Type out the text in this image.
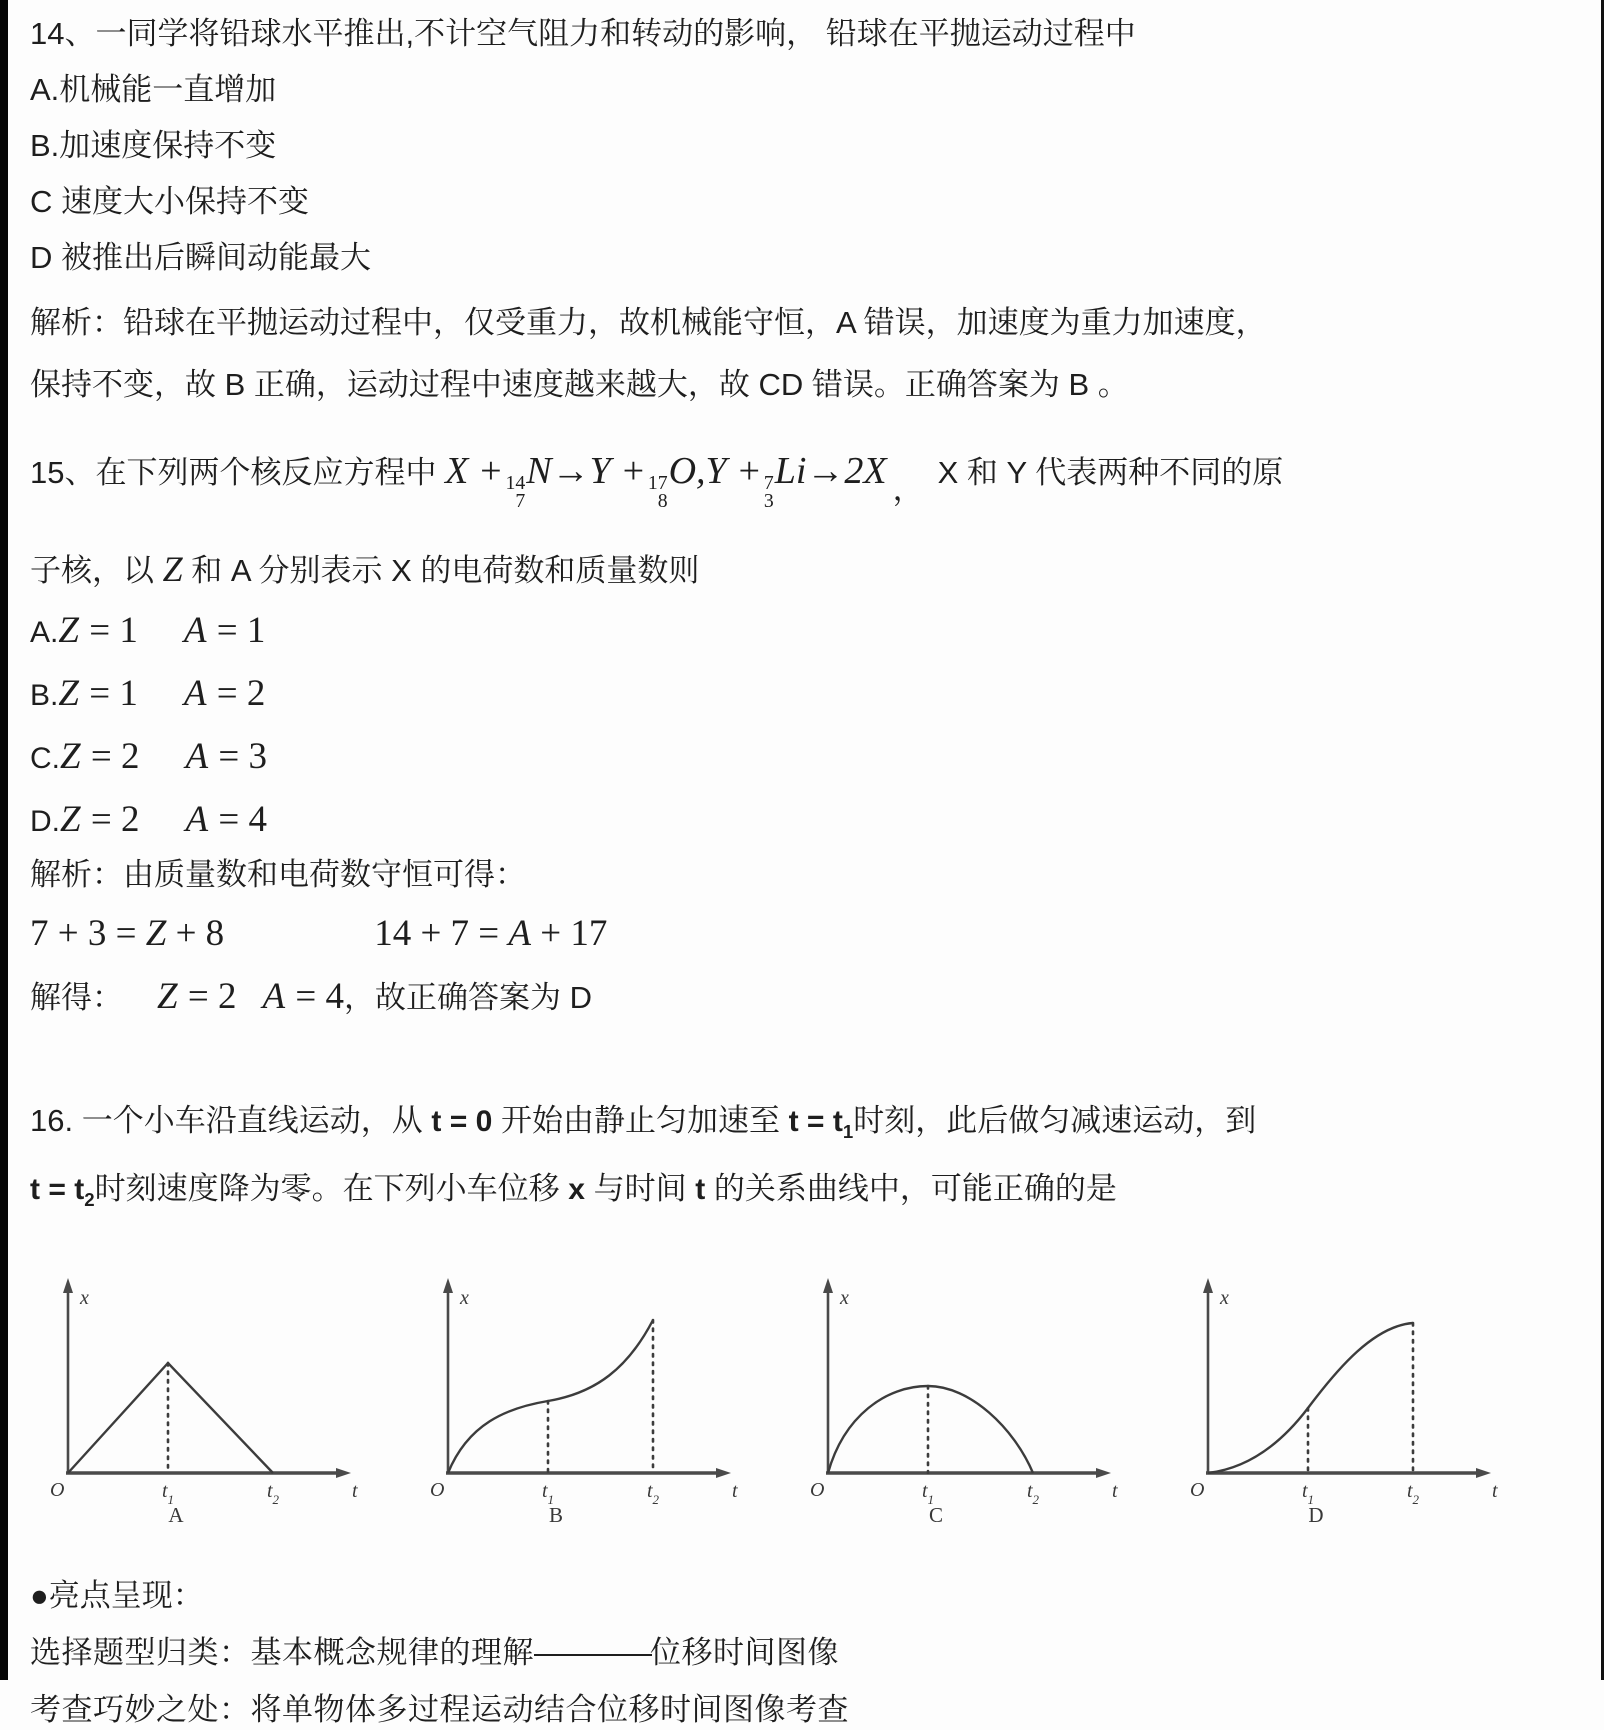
14、一同学将铅球水平推出,不计空气阻力和转动的影响， 铅球在平抛运动过程中

A.机械能一直增加

B.加速度保持不变

C 速度大小保持不变

D 被推出后瞬间动能最大

解析：铅球在平抛运动过程中，仅受重力，故机械能守恒，A 错误，加速度为重力加速度，
保持不变，故 B 正确，运动过程中速度越来越大，故 CD 错误。正确答案为 B 。

15、在下列两个核反应方程中 X + 14
7
N→Y + 17
8
O,Y + 7
3
Li→2X ， X 和 Y 代表两种不同的原

子核，以 Z 和 A 分别表示 X 的电荷数和质量数则

A.Z = 1 A = 1

B.Z = 1 A = 2

C.Z = 2 A = 3

D.Z = 2 A = 4

解析：由质量数和电荷数守恒可得：

7 + 3 = Z + 8	14 + 7 = A + 17

解得： Z = 2 A = 4，故正确答案为 D

16. 一个小车沿直线运动，从 t = 0 开始由静止匀加速至 $t = t_1$时刻，此后做匀减速运动，到
$t = t_2$时刻速度降为零。在下列小车位移 x 与时间 t 的关系曲线中，可能正确的是
x
O	$t_1$	$t_2$	t
A
x
O	$t_1$	$t_2$	t
B
x
O	$t_1$	$t_2$	t
C
x
O	$t_1$	$t_2$	t
D

●亮点呈现：

选择题型归类：基本概念规律的理解————位移时间图像

考查巧妙之处：将单物体多过程运动结合位移时间图像考查
